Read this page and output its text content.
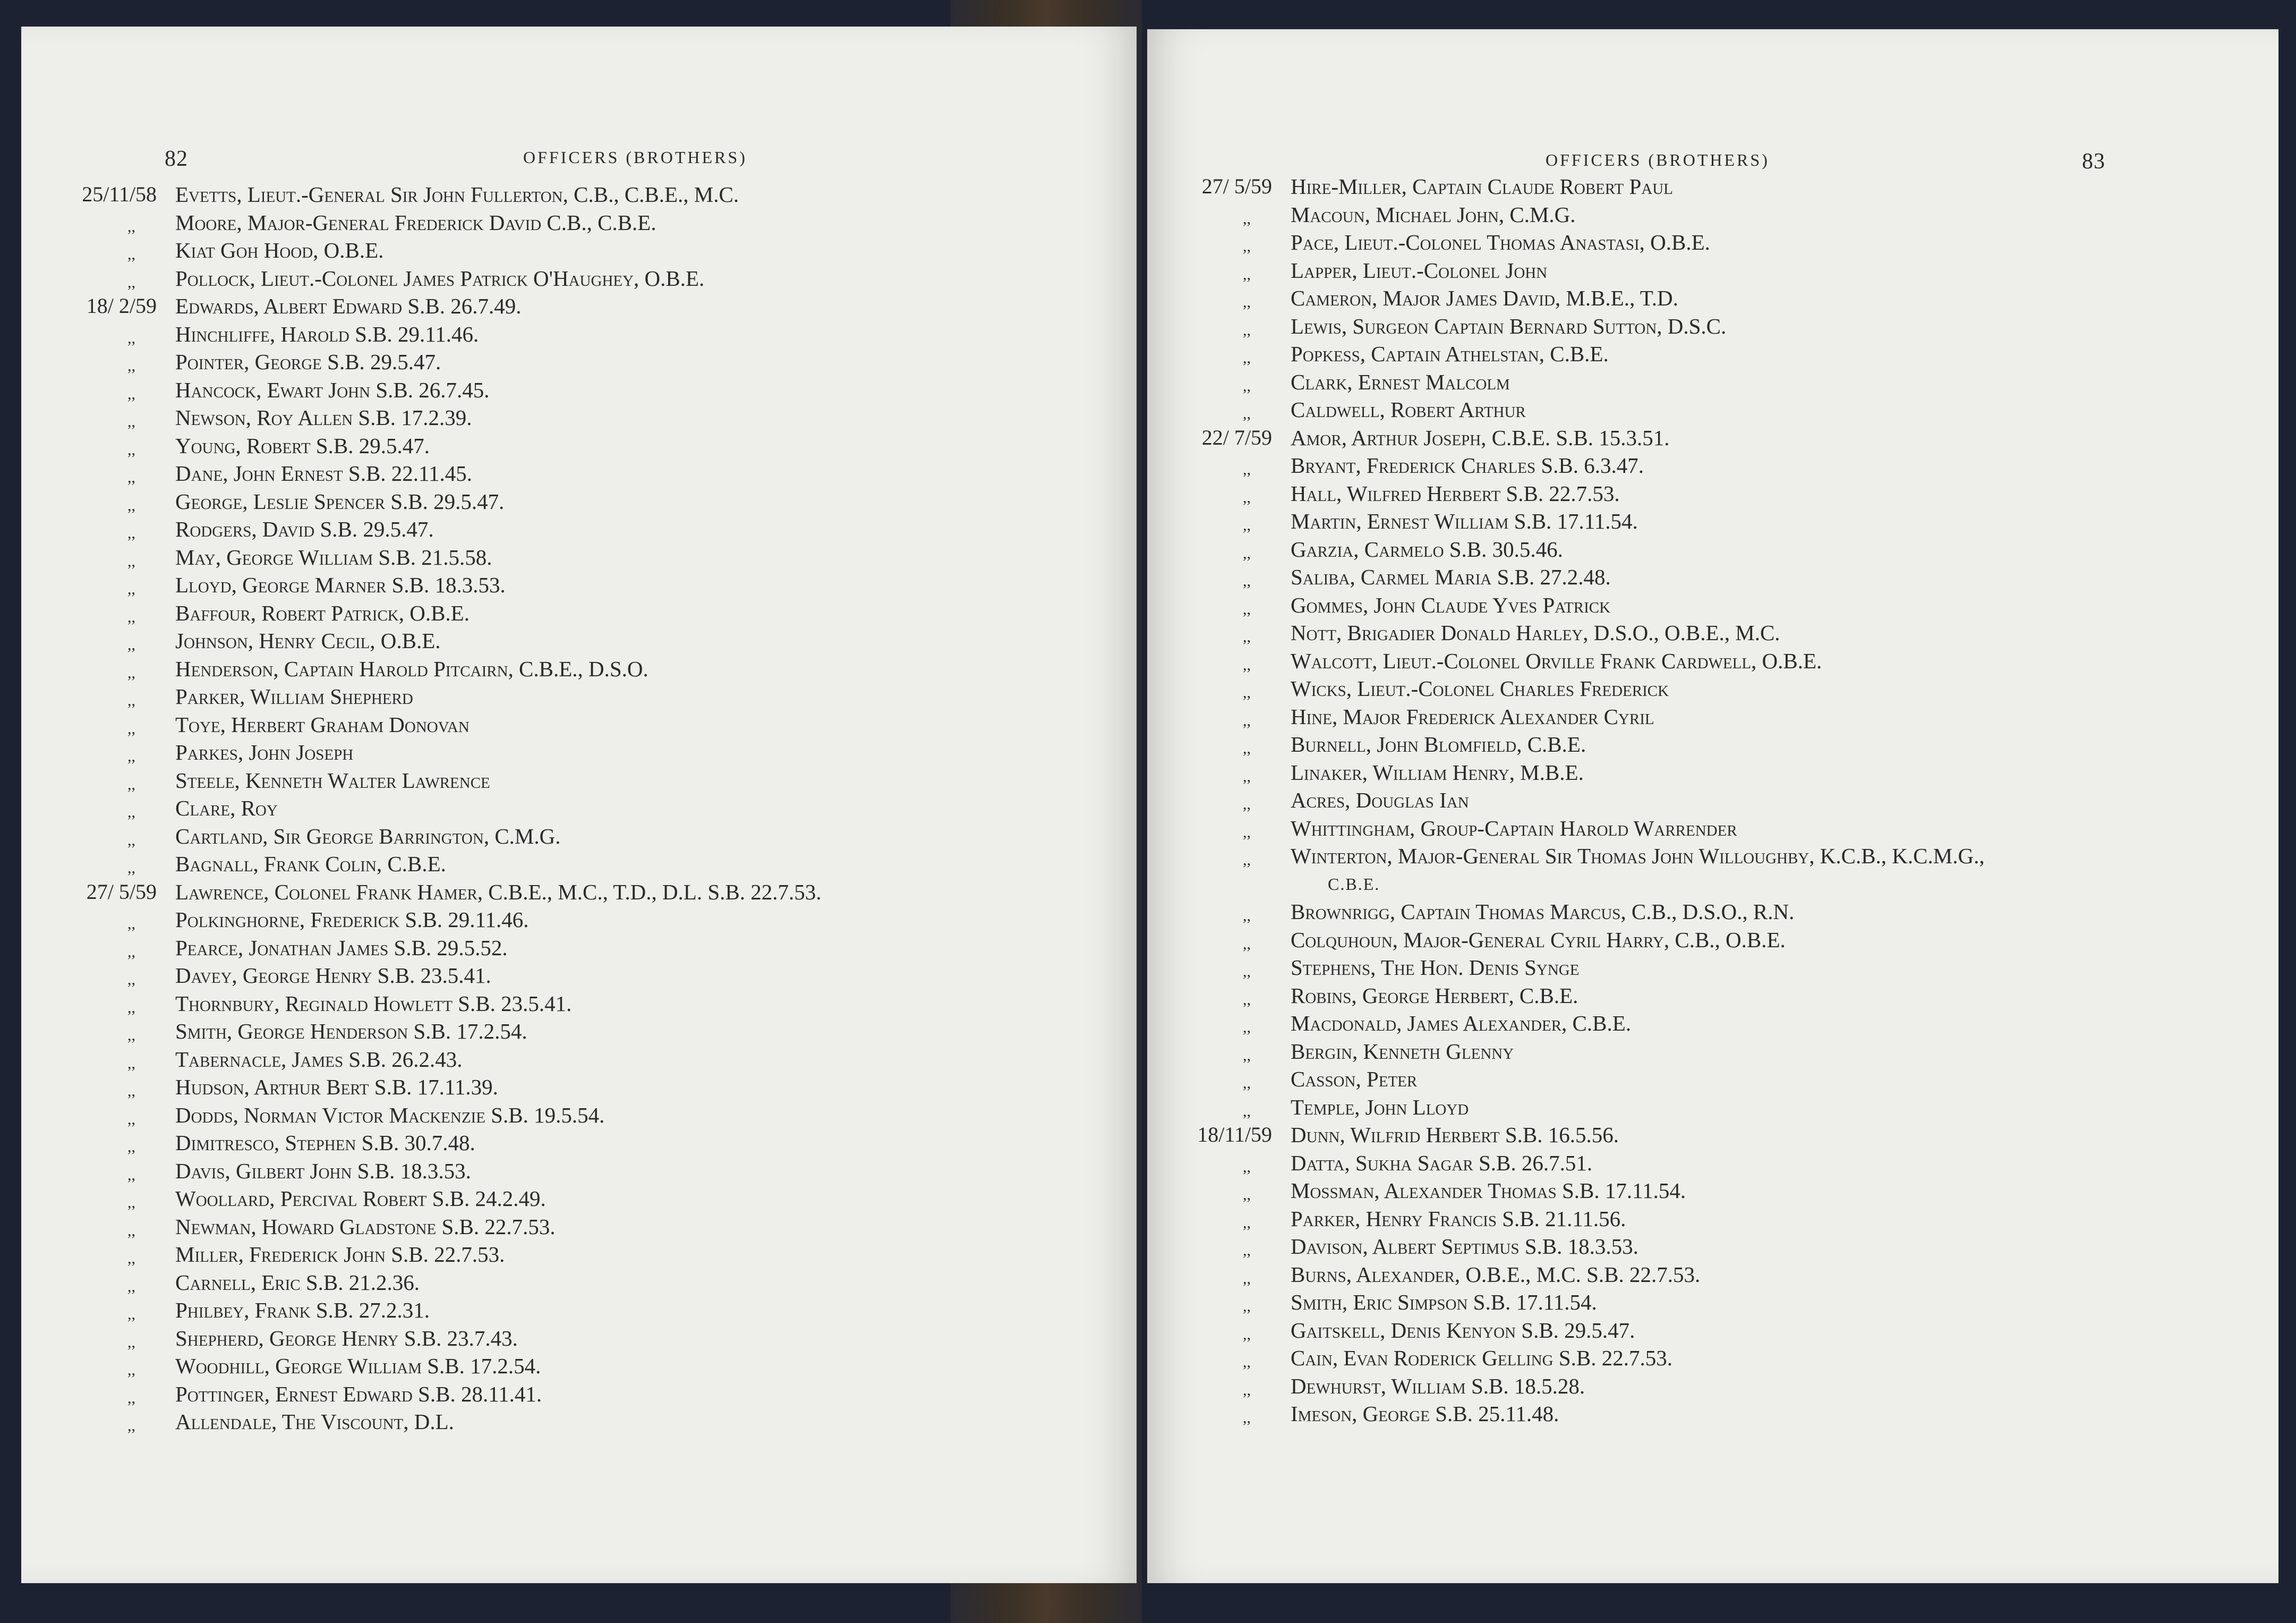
82	OFFICERS (BROTHERS)
25/11/58 Evetts, Lieut.-General Sir John Fullerton, C.B., C.B.E., M.C.
,, Moore, Major-General Frederick David C.B., C.B.E.
,, Kiat Goh Hood, O.B.E.
,, Pollock, Lieut.-Colonel James Patrick O'Haughey, O.B.E.
18/ 2/59 Edwards, Albert Edward S.B. 26.7.49.
,, Hinchliffe, Harold S.B. 29.11.46.
,, Pointer, George S.B. 29.5.47.
,, Hancock, Ewart John S.B. 26.7.45.
,, Newson, Roy Allen S.B. 17.2.39.
,, Young, Robert S.B. 29.5.47.
,, Dane, John Ernest S.B. 22.11.45.
,, George, Leslie Spencer S.B. 29.5.47.
,, Rodgers, David S.B. 29.5.47.
,, May, George William S.B. 21.5.58.
,, Lloyd, George Marner S.B. 18.3.53.
,, Baffour, Robert Patrick, O.B.E.
,, Johnson, Henry Cecil, O.B.E.
,, Henderson, Captain Harold Pitcairn, C.B.E., D.S.O.
,, Parker, William Shepherd
,, Toye, Herbert Graham Donovan
,, Parkes, John Joseph
,, Steele, Kenneth Walter Lawrence
,, Clare, Roy
,, Cartland, Sir George Barrington, C.M.G.
,, Bagnall, Frank Colin, C.B.E.
27/ 5/59 Lawrence, Colonel Frank Hamer, C.B.E., M.C., T.D., D.L. S.B. 22.7.53.
,, Polkinghorne, Frederick S.B. 29.11.46.
,, Pearce, Jonathan James S.B. 29.5.52.
,, Davey, George Henry S.B. 23.5.41.
,, Thornbury, Reginald Howlett S.B. 23.5.41.
,, Smith, George Henderson S.B. 17.2.54.
,, Tabernacle, James S.B. 26.2.43.
,, Hudson, Arthur Bert S.B. 17.11.39.
,, Dodds, Norman Victor Mackenzie S.B. 19.5.54.
,, Dimitresco, Stephen S.B. 30.7.48.
,, Davis, Gilbert John S.B. 18.3.53.
,, Woollard, Percival Robert S.B. 24.2.49.
,, Newman, Howard Gladstone S.B. 22.7.53.
,, Miller, Frederick John S.B. 22.7.53.
,, Carnell, Eric S.B. 21.2.36.
,, Philbey, Frank S.B. 27.2.31.
,, Shepherd, George Henry S.B. 23.7.43.
,, Woodhill, George William S.B. 17.2.54.
,, Pottinger, Ernest Edward S.B. 28.11.41.
,, Allendale, The Viscount, D.L.
83
OFFICERS (BROTHERS)
27/ 5/59 Hire-Miller, Captain Claude Robert Paul
,, Macoun, Michael John, C.M.G.
,, Pace, Lieut.-Colonel Thomas Anastasi, O.B.E.
,, Lapper, Lieut.-Colonel John
,, Cameron, Major James David, M.B.E., T.D.
,, Lewis, Surgeon Captain Bernard Sutton, D.S.C.
,, Popkess, Captain Athelstan, C.B.E.
,, Clark, Ernest Malcolm
,, Caldwell, Robert Arthur
22/ 7/59 Amor, Arthur Joseph, C.B.E. S.B. 15.3.51.
,, Bryant, Frederick Charles S.B. 6.3.47.
,, Hall, Wilfred Herbert S.B. 22.7.53.
,, Martin, Ernest William S.B. 17.11.54.
,, Garzia, Carmelo S.B. 30.5.46.
,, Saliba, Carmel Maria S.B. 27.2.48.
,, Gommes, John Claude Yves Patrick
,, Nott, Brigadier Donald Harley, D.S.O., O.B.E., M.C.
,, Walcott, Lieut.-Colonel Orville Frank Cardwell, O.B.E.
,, Wicks, Lieut.-Colonel Charles Frederick
,, Hine, Major Frederick Alexander Cyril
,, Burnell, John Blomfield, C.B.E.
,, Linaker, William Henry, M.B.E.
,, Acres, Douglas Ian
,, Whittingham, Group-Captain Harold Warrender
,, Winterton, Major-General Sir Thomas John Willoughby, K.C.B., K.C.M.G.,
C.B.E.
,, Brownrigg, Captain Thomas Marcus, C.B., D.S.O., R.N.
,, Colquhoun, Major-General Cyril Harry, C.B., O.B.E.
,, Stephens, The Hon. Denis Synge
,, Robins, George Herbert, C.B.E.
,, Macdonald, James Alexander, C.B.E.
,, Bergin, Kenneth Glenny
,, Casson, Peter
,, Temple, John Lloyd
18/11/59 Dunn, Wilfrid Herbert S.B. 16.5.56.
,, Datta, Sukha Sagar S.B. 26.7.51.
,, Mossman, Alexander Thomas S.B. 17.11.54.
,, Parker, Henry Francis S.B. 21.11.56.
,, Davison, Albert Septimus S.B. 18.3.53.
,, Burns, Alexander, O.B.E., M.C. S.B. 22.7.53.
,, Smith, Eric Simpson S.B. 17.11.54.
,, Gaitskell, Denis Kenyon S.B. 29.5.47.
,, Cain, Evan Roderick Gelling S.B. 22.7.53.
,, Dewhurst, William S.B. 18.5.28.
,, Imeson, George S.B. 25.11.48.
